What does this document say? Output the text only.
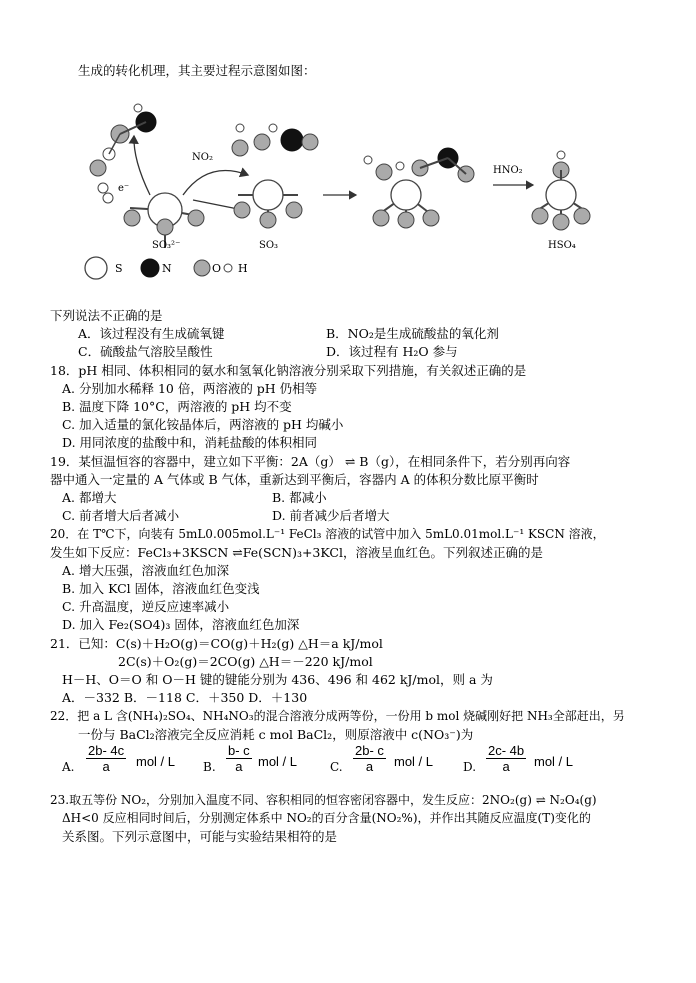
生成的转化机理，其主要过程示意图如图：
NO₂
e⁻
SO₃²⁻	SO₃
HNO₂
HSO₄
S	N	O H
下列说法不正确的是
A．该过程没有生成硫氧键	B．NO₂是生成硫酸盐的氧化剂
C．硫酸盐气溶胶呈酸性	D．该过程有 H₂O 参与
18．pH 相同、体积相同的氨水和氢氧化钠溶液分别采取下列措施，有关叙述正确的是
A. 分别加水稀释 10 倍，两溶液的 pH 仍相等
B. 温度下降 10°C，两溶液的 pH 均不变
C. 加入适量的氯化铵晶体后，两溶液的 pH 均碱小
D. 用同浓度的盐酸中和，消耗盐酸的体积相同
19．某恒温恒容的容器中，建立如下平衡：2A（g） ⇌ B（g），在相同条件下，若分别再向容
器中通入一定量的 A 气体或 B 气体，重新达到平衡后，容器内 A 的体积分数比原平衡时
A. 都增大	B. 都减小
C. 前者增大后者减小	D. 前者减少后者增大
20．在 T℃下，向装有 5mL0.005mol.L⁻¹ FeCl₃ 溶液的试管中加入 5mL0.01mol.L⁻¹ KSCN 溶液，
发生如下反应：FeCl₃+3KSCN ⇌Fe(SCN)₃+3KCl，溶液呈血红色。下列叙述正确的是
A. 增大压强，溶液血红色加深
B. 加入 KCl 固体，溶液血红色变浅
C. 升高温度，逆反应速率减小
D. 加入 Fe₂(SO4)₃ 固体，溶液血红色加深
21．已知：C(s)＋H₂O(g)＝CO(g)＋H₂(g) △H＝a kJ/mol
2C(s)＋O₂(g)＝2CO(g) △H＝－220 kJ/mol
H－H、O＝O 和 O－H 键的键能分别为 436、496 和 462 kJ/mol，则 a 为
A．－332 B．－118 C．＋350 D．＋130
22．把 a L 含(NH₄)₂SO₄、NH₄NO₃的混合溶液分成两等份，一份用 b mol 烧碱刚好把 NH₃全部赶出，另
一份与 BaCl₂溶液完全反应消耗 c mol BaCl₂，则原溶液中 c(NO₃⁻)为
A. $\frac{2b- 4c}{a}$ mol / L B. $\frac{b- c}{a}$ mol / L	C. $\frac{2b- c}{a}$ mol / L D. $\frac{2c- 4b}{a}$ mol / L
23.取五等份 NO₂，分别加入温度不同、容积相同的恒容密闭容器中，发生反应：2NO₂(g) ⇌ N₂O₄(g)
ΔH<0 反应相同时间后，分别测定体系中 NO₂的百分含量(NO₂%)，并作出其随反应温度(T)变化的
关系图。下列示意图中，可能与实验结果相符的是
